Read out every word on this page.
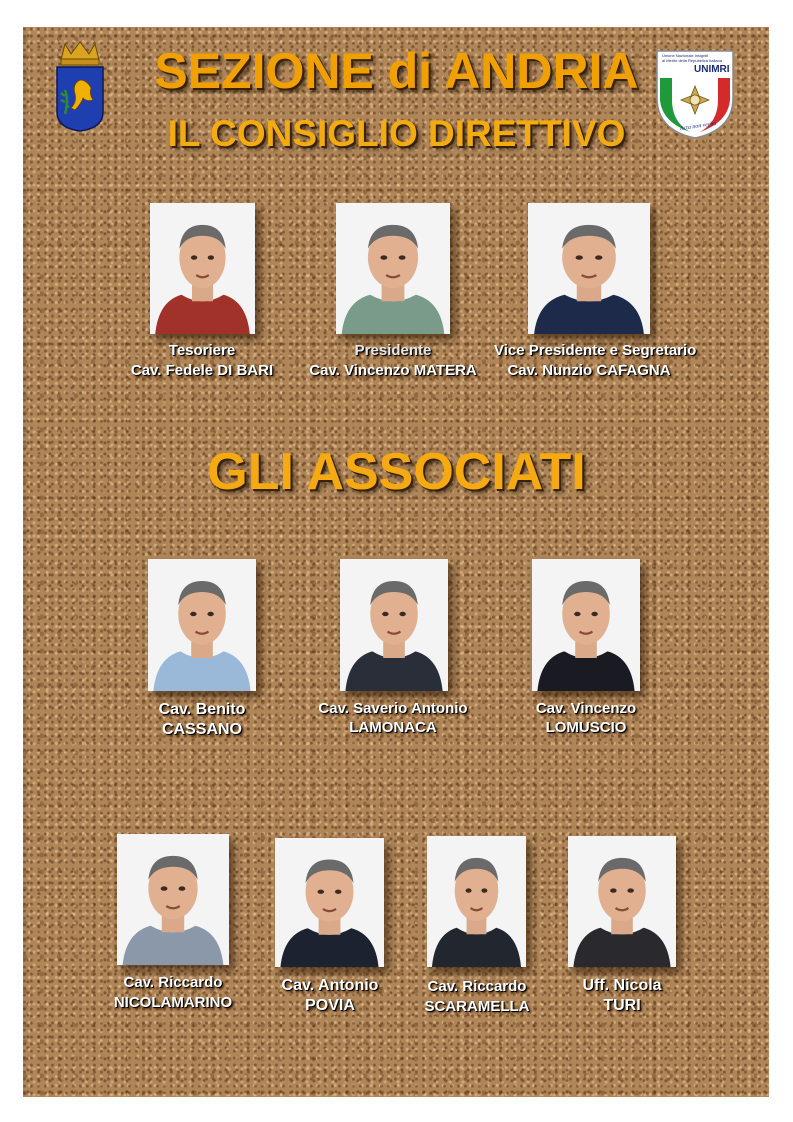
Acta non verba
SEZIONE di ANDRIA
IL CONSIGLIO DIRETTIVO
GLI ASSOCIATI
Tesoriere
Cav. Fedele DI BARI
Presidente
Cav. Vincenzo MATERA
Vice Presidente e Segretario
Cav. Nunzio CAFAGNA
Cav. Benito
CASSANO
Cav. Saverio Antonio
LAMONACA
Cav. Vincenzo
LOMUSCIO
Cav. Riccardo
NICOLAMARINO
Cav. Antonio
POVIA
Cav. Riccardo
SCARAMELLA
Uff. Nicola
TURI
